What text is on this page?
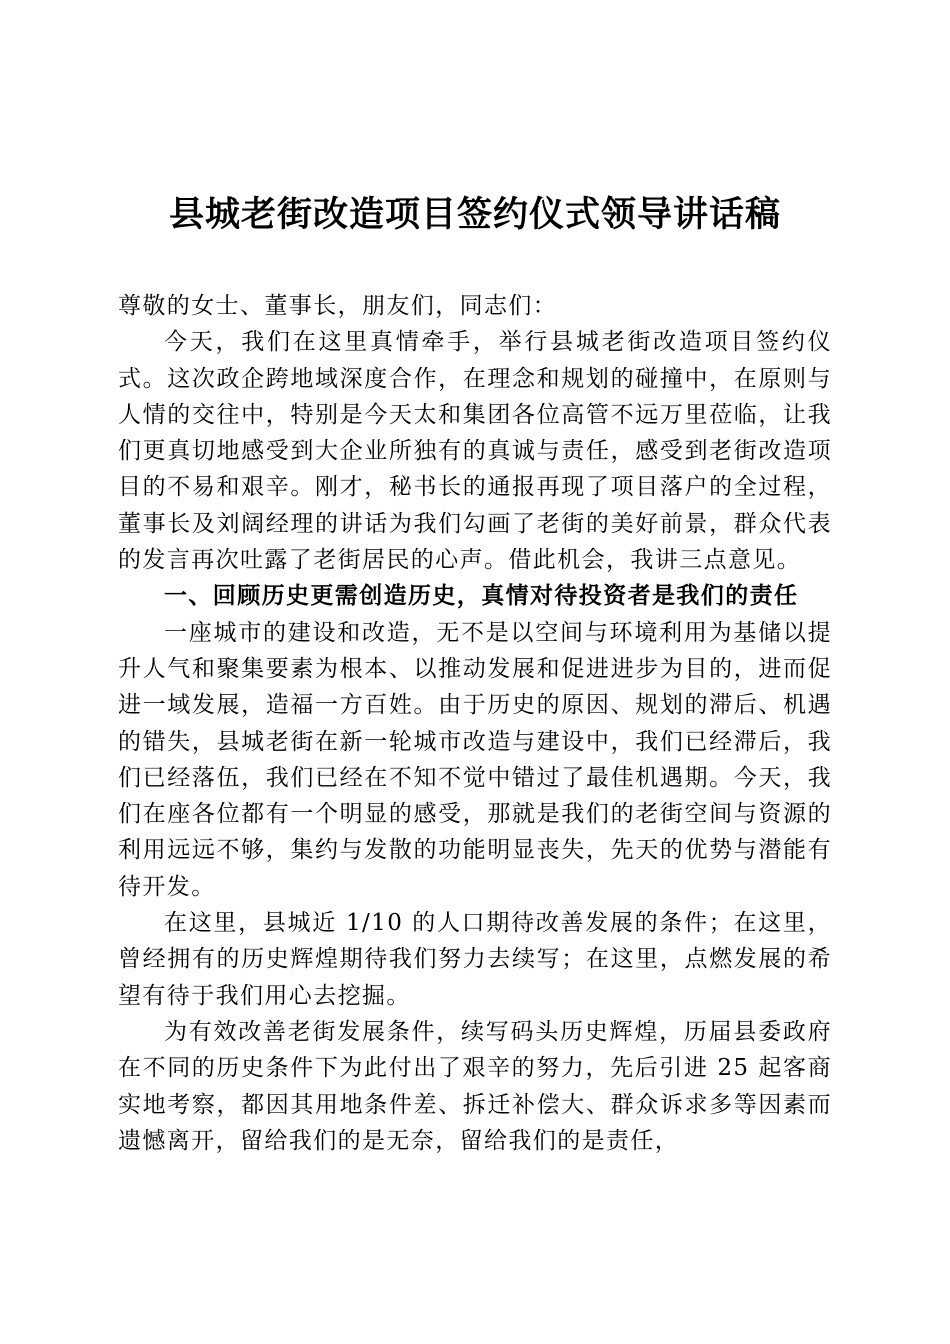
县城老街改造项目签约仪式领导讲话稿

尊敬的女士、董事长，朋友们，同志们：

今天，我们在这里真情牵手，举行县城老街改造项目签约仪式。这次政企跨地域深度合作，在理念和规划的碰撞中，在原则与人情的交往中，特别是今天太和集团各位高管不远万里莅临，让我们更真切地感受到大企业所独有的真诚与责任，感受到老街改造项目的不易和艰辛。刚才，秘书长的通报再现了项目落户的全过程，董事长及刘阔经理的讲话为我们勾画了老街的美好前景，群众代表的发言再次吐露了老街居民的心声。借此机会，我讲三点意见。

一、回顾历史更需创造历史，真情对待投资者是我们的责任

一座城市的建设和改造，无不是以空间与环境利用为基储以提升人气和聚集要素为根本、以推动发展和促进进步为目的，进而促进一域发展，造福一方百姓。由于历史的原因、规划的滞后、机遇的错失，县城老街在新一轮城市改造与建设中，我们已经滞后，我们已经落伍，我们已经在不知不觉中错过了最佳机遇期。今天，我们在座各位都有一个明显的感受，那就是我们的老街空间与资源的利用远远不够，集约与发散的功能明显丧失，先天的优势与潜能有待开发。

在这里，县城近 1/10 的人口期待改善发展的条件；在这里，曾经拥有的历史辉煌期待我们努力去续写；在这里，点燃发展的希望有待于我们用心去挖掘。

为有效改善老街发展条件，续写码头历史辉煌，历届县委政府在不同的历史条件下为此付出了艰辛的努力，先后引进 25 起客商实地考察，都因其用地条件差、拆迁补偿大、群众诉求多等因素而遗憾离开，留给我们的是无奈，留给我们的是责任，
